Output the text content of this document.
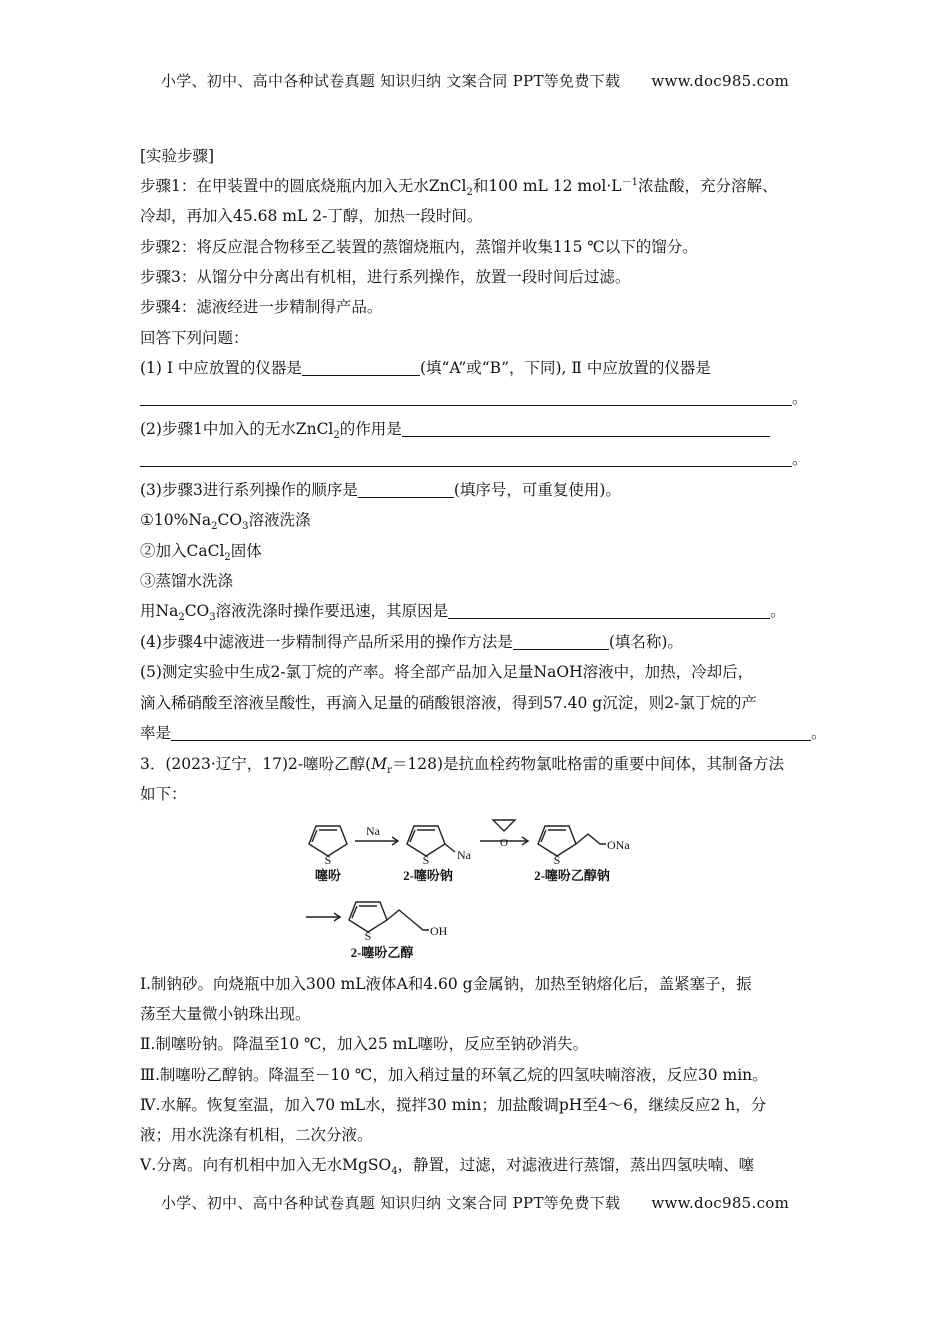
小学、初中、高中各种试卷真题 知识归纳 文案合同 PPT等免费下载 www.doc985.com
[实验步骤]
步骤1：在甲装置中的圆底烧瓶内加入无水ZnCl$_2$和100 mL 12 $mol\cdot L^{-1}$浓盐酸，充分溶解、
冷却，再加入45.68 mL 2-丁醇，加热一段时间。
步骤2：将反应混合物移至乙装置的蒸馏烧瓶内，蒸馏并收集115 ℃以下的馏分。
步骤3：从馏分中分离出有机相，进行系列操作，放置一段时间后过滤。
步骤4：滤液经进一步精制得产品。
回答下列问题：
(1) Ⅰ 中应放置的仪器是	(填“A”或“B”，下同), Ⅱ 中应放置的仪器是
。
(2)步骤1中加入的无水ZnCl$_2$的作用是
。
(3)步骤3进行系列操作的顺序是	(填序号，可重复使用)。
$①10\%Na_2CO_3$溶液洗涤
②加入CaCl$_2$固体
③蒸馏水洗涤
用$Na_2CO_3$溶液洗涤时操作要迅速，其原因是	。
(4)步骤4中滤液进一步精制得产品所采用的操作方法是	(填名称)。
(5)测定实验中生成2-氯丁烷的产率。将全部产品加入足量NaOH溶液中，加热，冷却后，
滴入稀硝酸至溶液呈酸性，再滴入足量的硝酸银溶液，得到57.40 g沉淀，则2-氯丁烷的产
率是	。
3．(2023·辽宁，17)2-噻吩乙醇$(M_r=128)$是抗血栓药物氯吡格雷的重要中间体，其制备方法
如下：
S
Na
S Na
O
S
ONa
S	OH
噻吩	2-噻吩钠	2-噻吩乙醇钠
2-噻吩乙醇
Ⅰ.制钠砂。向烧瓶中加入300 mL液体A和4.60 g金属钠，加热至钠熔化后，盖紧塞子，振
荡至大量微小钠珠出现。
Ⅱ.制噻吩钠。降温至10 ℃，加入25 mL噻吩，反应至钠砂消失。
Ⅲ.制噻吩乙醇钠。降温至－10 ℃，加入稍过量的环氧乙烷的四氢呋喃溶液，反应30 min。
Ⅳ.水解。恢复室温，加入70 mL水，搅拌30 min；加盐酸调pH至4～6，继续反应2 h，分
液；用水洗涤有机相，二次分液。
Ⅴ.分离。向有机相中加入无水MgSO$_4$，静置，过滤，对滤液进行蒸馏，蒸出四氢呋喃、噻
小学、初中、高中各种试卷真题 知识归纳 文案合同 PPT等免费下载 www.doc985.com
